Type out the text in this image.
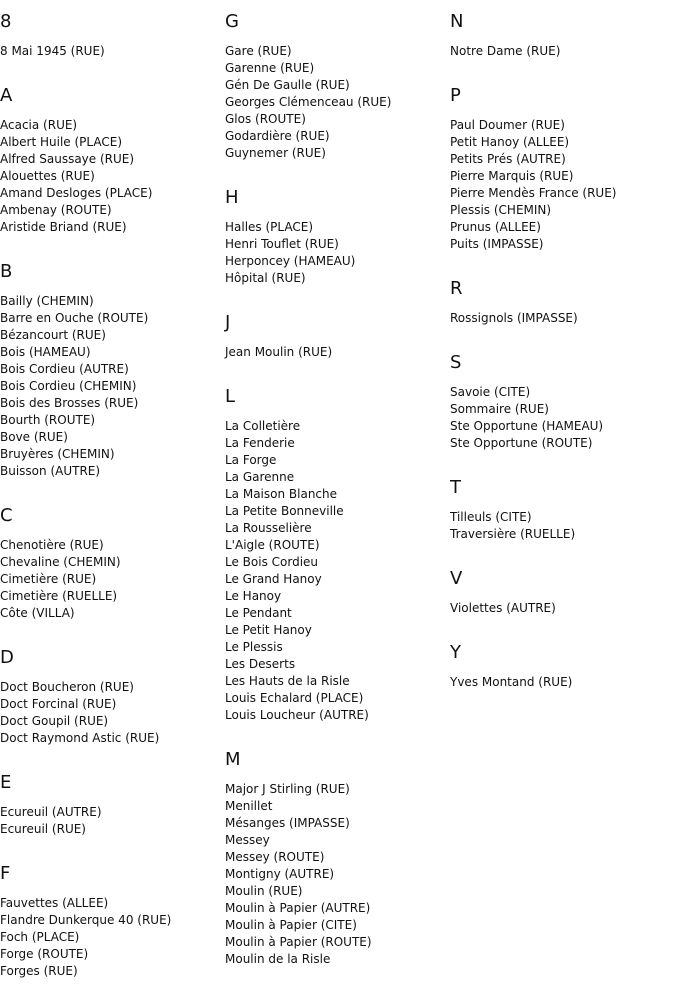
8
8 Mai 1945 (RUE)
A
Acacia (RUE)
Albert Huile (PLACE)
Alfred Saussaye (RUE)
Alouettes (RUE)
Amand Desloges (PLACE)
Ambenay (ROUTE)
Aristide Briand (RUE)
B
Bailly (CHEMIN)
Barre en Ouche (ROUTE)
Bézancourt (RUE)
Bois (HAMEAU)
Bois Cordieu (AUTRE)
Bois Cordieu (CHEMIN)
Bois des Brosses (RUE)
Bourth (ROUTE)
Bove (RUE)
Bruyères (CHEMIN)
Buisson (AUTRE)
C
Chenotière (RUE)
Chevaline (CHEMIN)
Cimetière (RUE)
Cimetière (RUELLE)
Côte (VILLA)
D
Doct Boucheron (RUE)
Doct Forcinal (RUE)
Doct Goupil (RUE)
Doct Raymond Astic (RUE)
E
Ecureuil (AUTRE)
Ecureuil (RUE)
F
Fauvettes (ALLEE)
Flandre Dunkerque 40 (RUE)
Foch (PLACE)
Forge (ROUTE)
Forges (RUE)
G
Gare (RUE)
Garenne (RUE)
Gén De Gaulle (RUE)
Georges Clémenceau (RUE)
Glos (ROUTE)
Godardière (RUE)
Guynemer (RUE)
H
Halles (PLACE)
Henri Touflet (RUE)
Herponcey (HAMEAU)
Hôpital (RUE)
J
Jean Moulin (RUE)
L
La Colletière
La Fenderie
La Forge
La Garenne
La Maison Blanche
La Petite Bonneville
La Rousselière
L'Aigle (ROUTE)
Le Bois Cordieu
Le Grand Hanoy
Le Hanoy
Le Pendant
Le Petit Hanoy
Le Plessis
Les Deserts
Les Hauts de la Risle
Louis Echalard (PLACE)
Louis Loucheur (AUTRE)
M
Major J Stirling (RUE)
Menillet
Mésanges (IMPASSE)
Messey
Messey (ROUTE)
Montigny (AUTRE)
Moulin (RUE)
Moulin à Papier (AUTRE)
Moulin à Papier (CITE)
Moulin à Papier (ROUTE)
Moulin de la Risle
N
Notre Dame (RUE)
P
Paul Doumer (RUE)
Petit Hanoy (ALLEE)
Petits Prés (AUTRE)
Pierre Marquis (RUE)
Pierre Mendès France (RUE)
Plessis (CHEMIN)
Prunus (ALLEE)
Puits (IMPASSE)
R
Rossignols (IMPASSE)
S
Savoie (CITE)
Sommaire (RUE)
Ste Opportune (HAMEAU)
Ste Opportune (ROUTE)
T
Tilleuls (CITE)
Traversière (RUELLE)
V
Violettes (AUTRE)
Y
Yves Montand (RUE)
